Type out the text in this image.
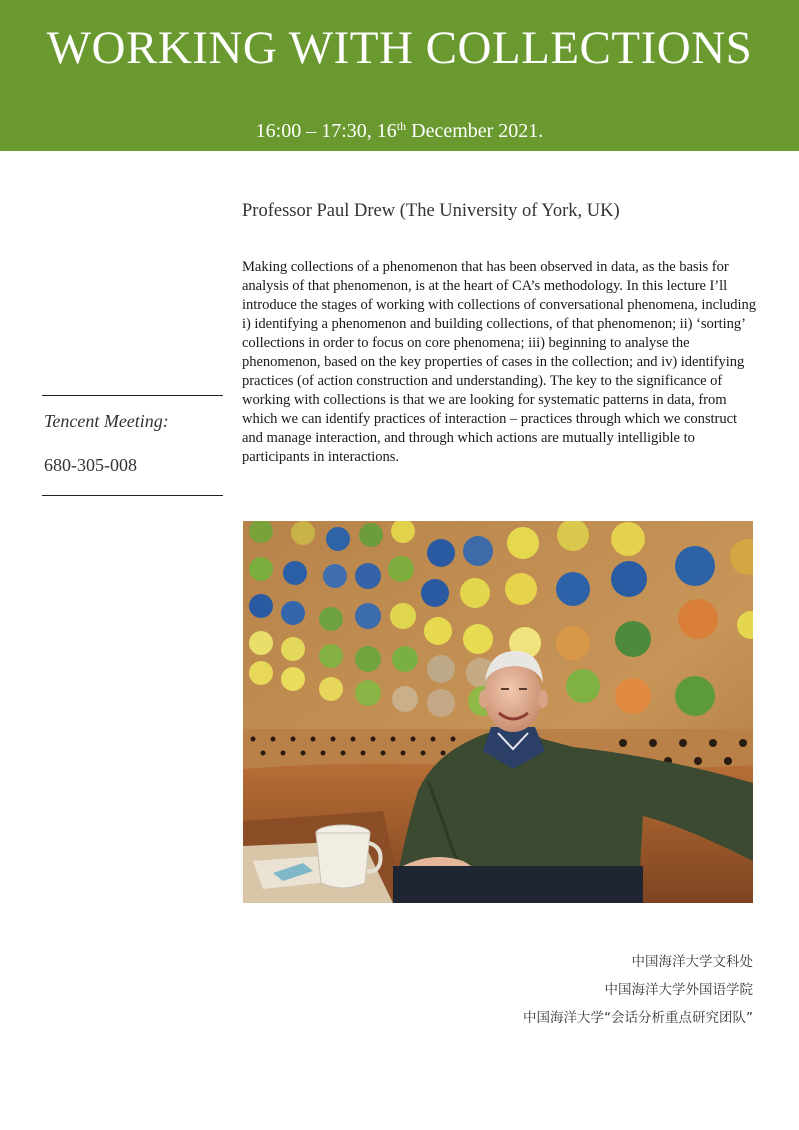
WORKING WITH COLLECTIONS
16:00 – 17:30, 16th December 2021.
Professor Paul Drew (The University of York, UK)

Making collections of a phenomenon that has been observed in data, as the basis for analysis of that phenomenon, is at the heart of CA’s methodology. In this lecture I’ll introduce the stages of working with collections of conversational phenomena, including i) identifying a phenomenon and building collections, of that phenomenon; ii) ‘sorting’ collections in order to focus on core phenomena; iii) beginning to analyse the phenomenon, based on the key properties of cases in the collection; and iv) identifying practices (of action construction and understanding). The key to the significance of working with collections is that we are looking for systematic patterns in data, from which we can identify practices of interaction – practices through which we construct and manage interaction, and through which actions are mutually intelligible to participants in interactions.

Tencent Meeting:
680-305-008
中国海洋大学文科处
中国海洋大学外国语学院
中国海洋大学“会话分析重点研究团队”
